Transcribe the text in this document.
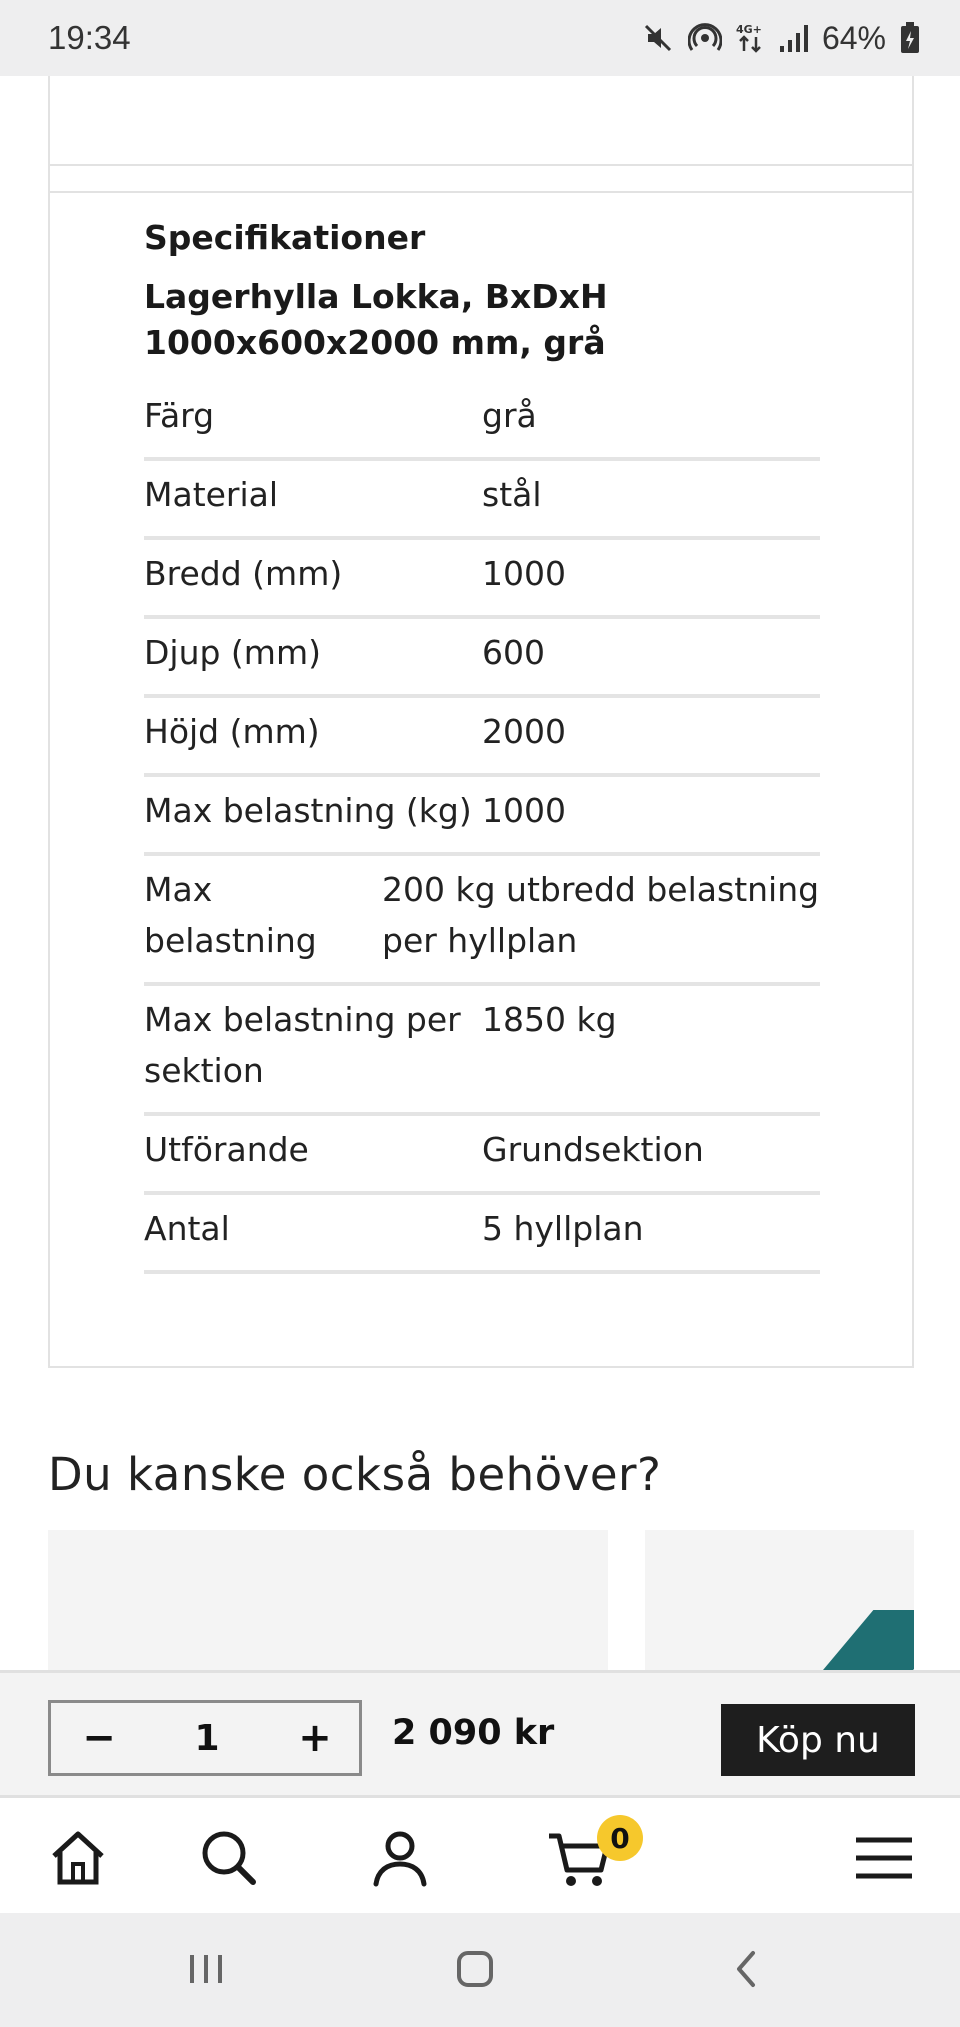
19:34	4G+ 64%
Specifikationer
Lagerhylla Lokka, BxDxH 1000x600x2000 mm, grå
Färg	grå
Material	stål
Bredd (mm)	1000
Djup (mm)	600
Höjd (mm)	2000
Max belastning (kg)	1000
Max belastning	200 kg utbredd belastning per hyllplan
Max belastning per sektion	1850 kg
Utförande	Grundsektion
Antal	5 hyllplan
Du kanske också behöver?
− 1 + 2 090 kr	Köp nu
0
